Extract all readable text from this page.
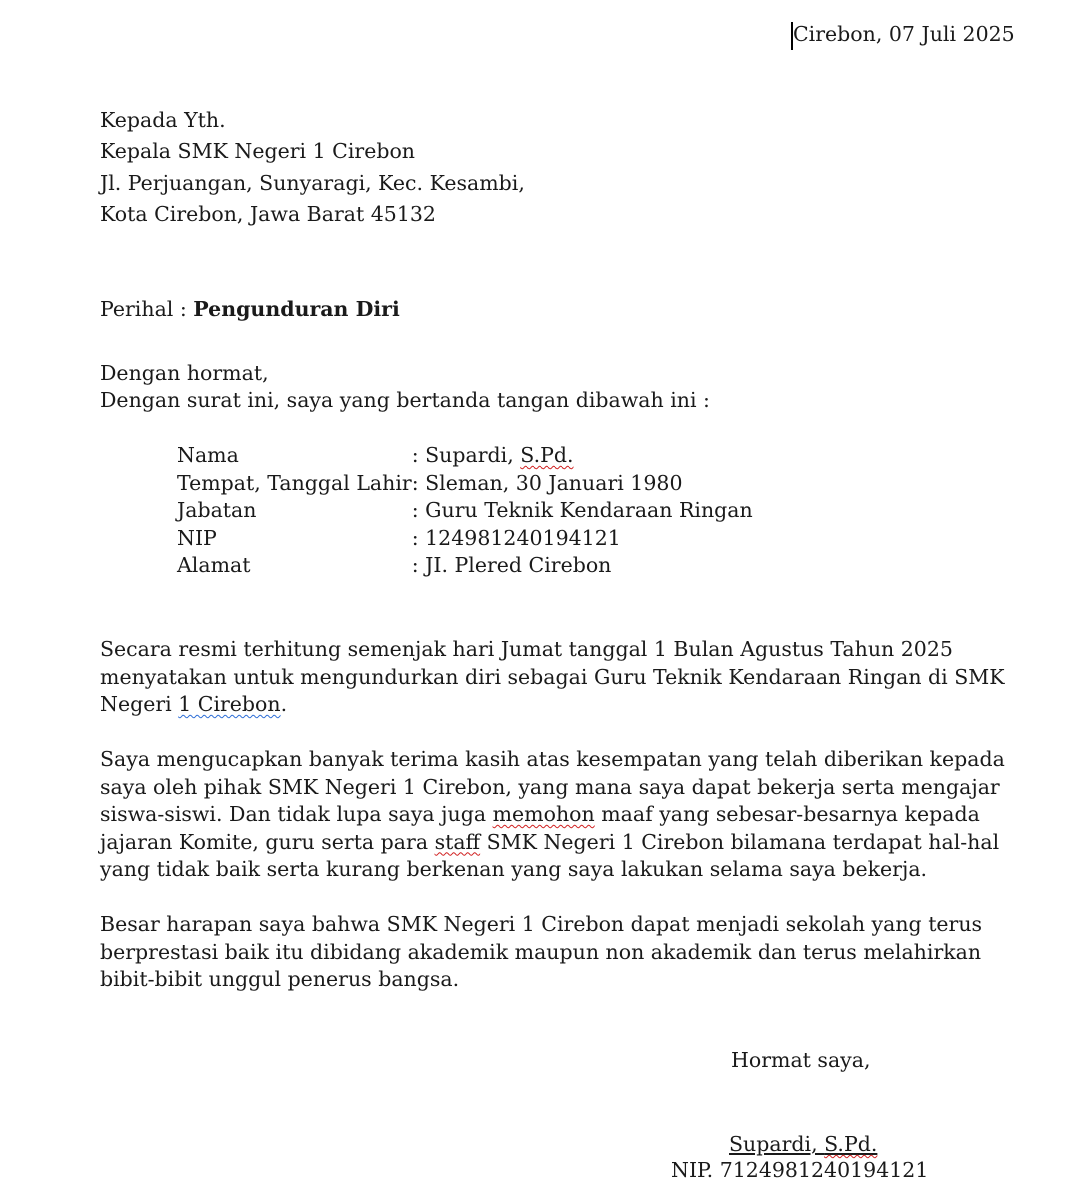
Cirebon, 07 Juli 2025
Kepada Yth.
Kepala SMK Negeri 1 Cirebon
Jl. Perjuangan, Sunyaragi, Kec. Kesambi,
Kota Cirebon, Jawa Barat 45132
Perihal : Pengunduran Diri
Dengan hormat,
Dengan surat ini, saya yang bertanda tangan dibawah ini :
Nama	: Supardi, S.Pd.
Tempat, Tanggal Lahir	: Sleman, 30 Januari 1980
Jabatan	: Guru Teknik Kendaraan Ringan
NIP	: 124981240194121
Alamat	: JI. Plered Cirebon

Secara resmi terhitung semenjak hari Jumat tanggal 1 Bulan Agustus Tahun 2025 menyatakan untuk mengundurkan diri sebagai Guru Teknik Kendaraan Ringan di SMK Negeri 1 Cirebon.

Saya mengucapkan banyak terima kasih atas kesempatan yang telah diberikan kepada saya oleh pihak SMK Negeri 1 Cirebon, yang mana saya dapat bekerja serta mengajar siswa-siswi. Dan tidak lupa saya juga memohon maaf yang sebesar-besarnya kepada jajaran Komite, guru serta para staff SMK Negeri 1 Cirebon bilamana terdapat hal-hal yang tidak baik serta kurang berkenan yang saya lakukan selama saya bekerja.

Besar harapan saya bahwa SMK Negeri 1 Cirebon dapat menjadi sekolah yang terus berprestasi baik itu dibidang akademik maupun non akademik dan terus melahirkan bibit-bibit unggul penerus bangsa.

Hormat saya,
Supardi, S.Pd.
NIP. 7124981240194121
